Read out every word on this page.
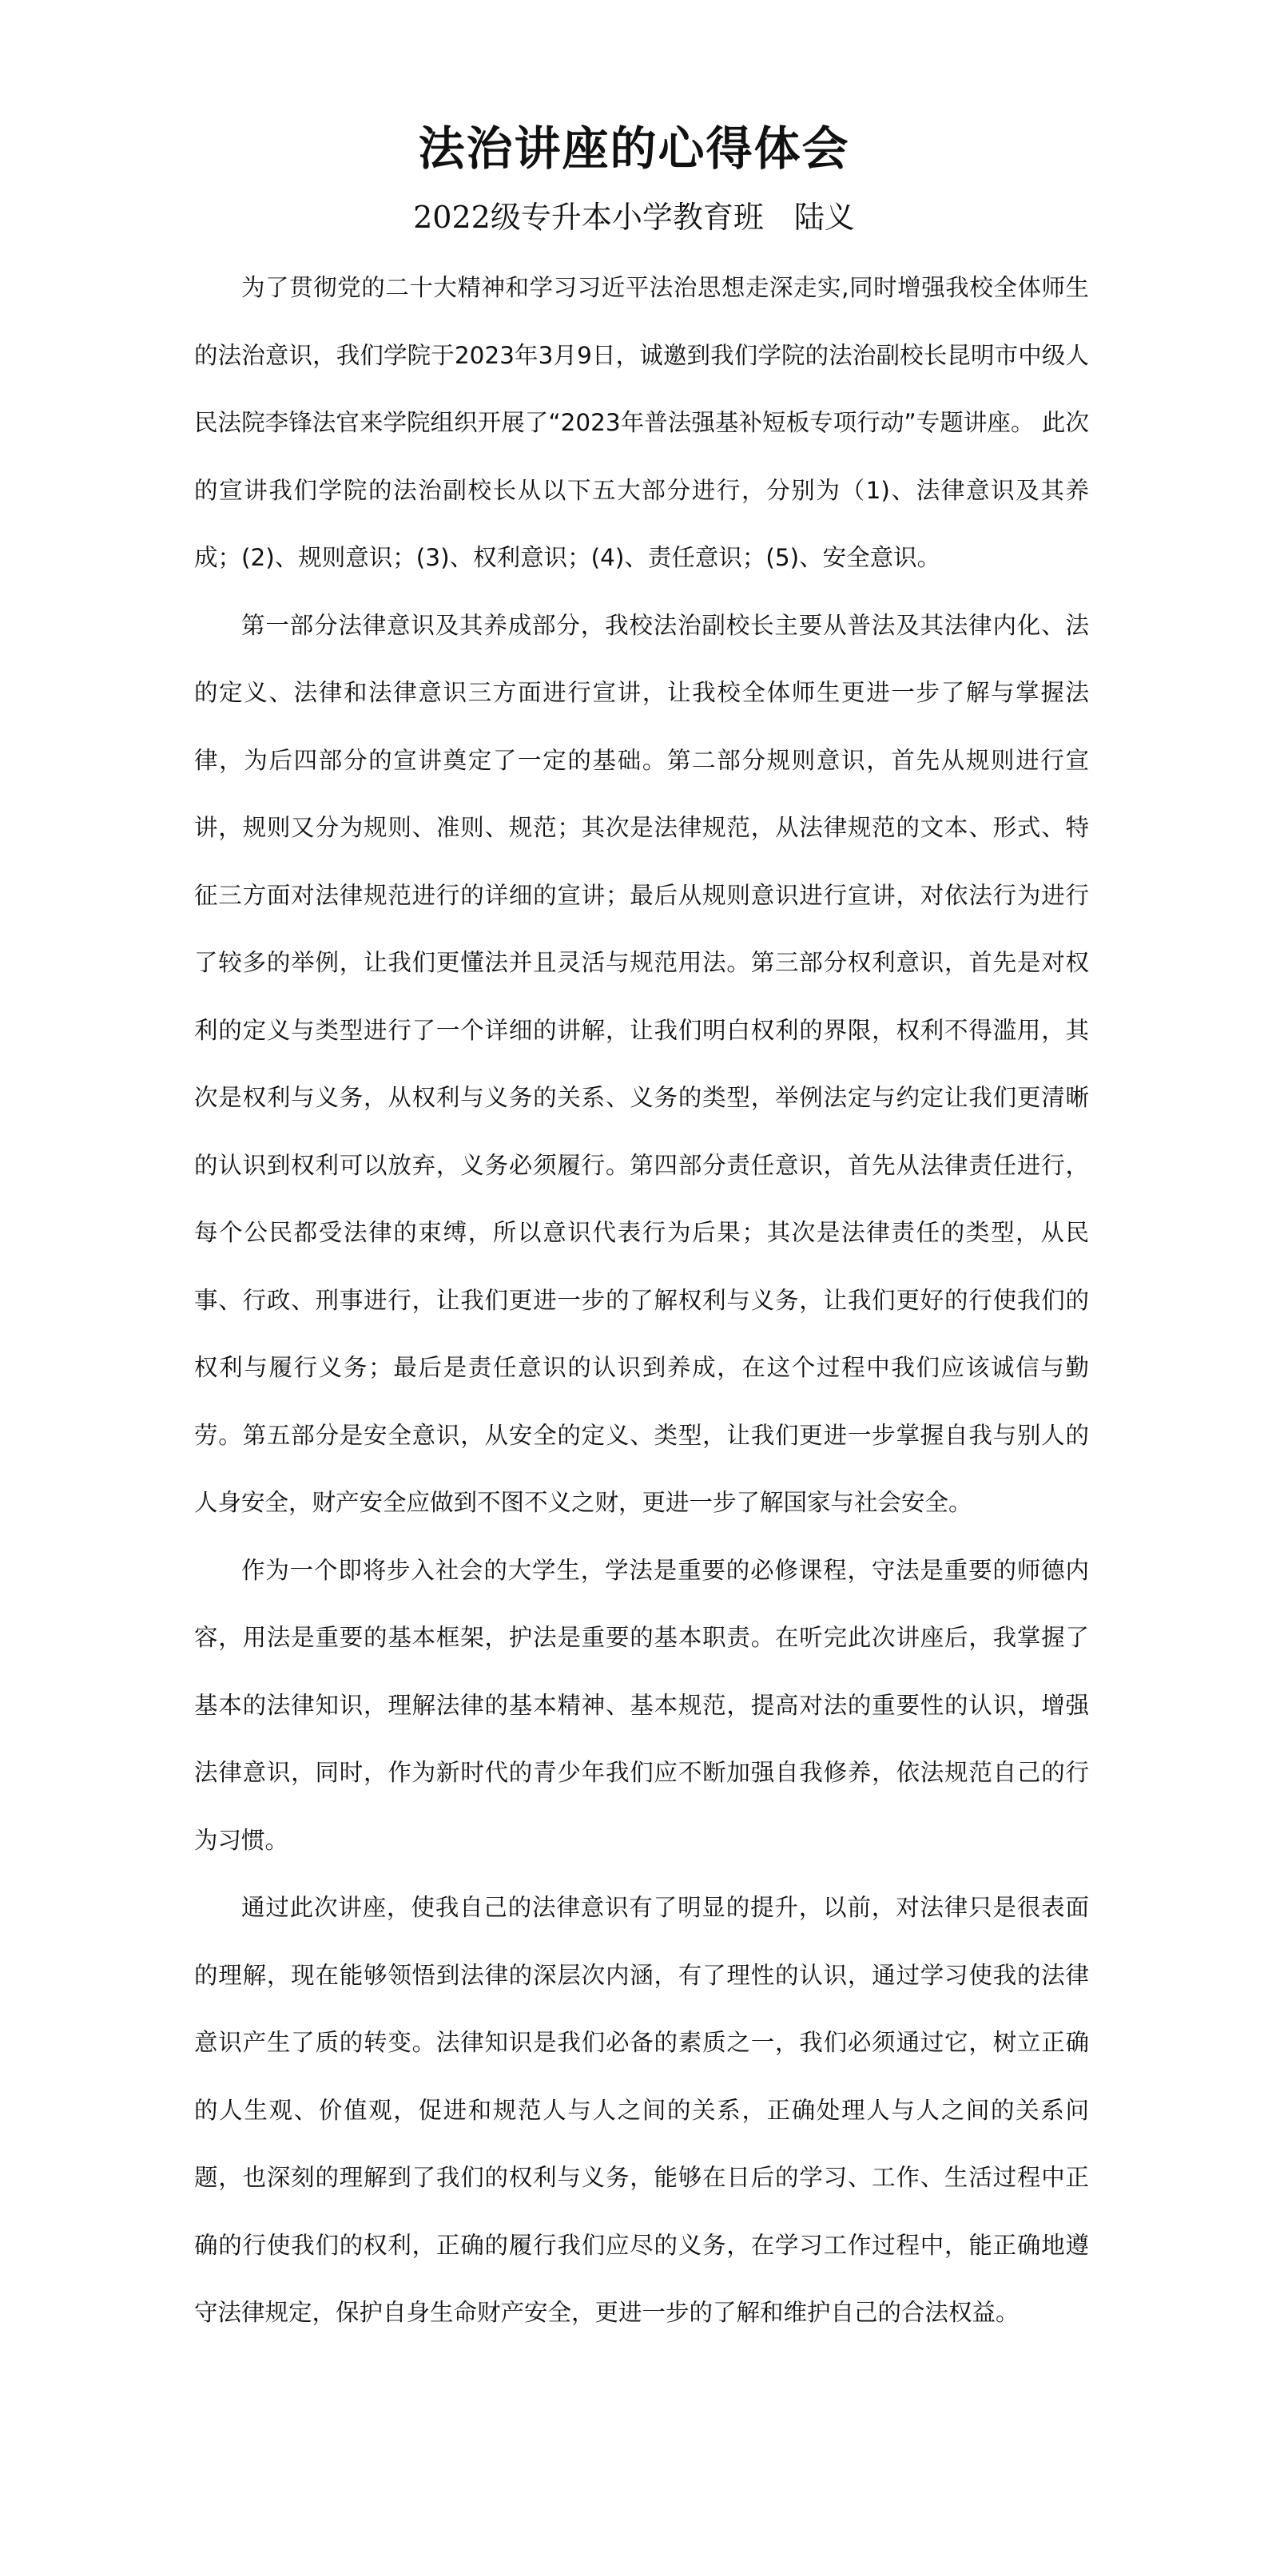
法治讲座的心得体会

2022级专升本小学教育班 陆义

为了贯彻党的二十大精神和学习习近平法治思想走深走实,同时增强我校全体师生的法治意识，我们学院于2023年3月9日，诚邀到我们学院的法治副校长昆明市中级人民法院李锋法官来学院组织开展了“2023年普法强基补短板专项行动”专题讲座。 此次的宣讲我们学院的法治副校长从以下五大部分进行，分别为（1)、法律意识及其养成；(2)、规则意识；(3)、权利意识；(4)、责任意识；(5)、安全意识。

第一部分法律意识及其养成部分，我校法治副校长主要从普法及其法律内化、法的定义、法律和法律意识三方面进行宣讲，让我校全体师生更进一步了解与掌握法律，为后四部分的宣讲奠定了一定的基础。第二部分规则意识，首先从规则进行宣讲，规则又分为规则、准则、规范；其次是法律规范，从法律规范的文本、形式、特征三方面对法律规范进行的详细的宣讲；最后从规则意识进行宣讲，对依法行为进行了较多的举例，让我们更懂法并且灵活与规范用法。第三部分权利意识，首先是对权利的定义与类型进行了一个详细的讲解，让我们明白权利的界限，权利不得滥用，其次是权利与义务，从权利与义务的关系、义务的类型，举例法定与约定让我们更清晰的认识到权利可以放弃，义务必须履行。第四部分责任意识，首先从法律责任进行，每个公民都受法律的束缚，所以意识代表行为后果；其次是法律责任的类型，从民事、行政、刑事进行，让我们更进一步的了解权利与义务，让我们更好的行使我们的权利与履行义务；最后是责任意识的认识到养成，在这个过程中我们应该诚信与勤劳。第五部分是安全意识，从安全的定义、类型，让我们更进一步掌握自我与别人的人身安全，财产安全应做到不图不义之财，更进一步了解国家与社会安全。

作为一个即将步入社会的大学生，学法是重要的必修课程，守法是重要的师德内容，用法是重要的基本框架，护法是重要的基本职责。在听完此次讲座后，我掌握了基本的法律知识，理解法律的基本精神、基本规范，提高对法的重要性的认识，增强法律意识，同时，作为新时代的青少年我们应不断加强自我修养，依法规范自己的行为习惯。

通过此次讲座，使我自己的法律意识有了明显的提升，以前，对法律只是很表面的理解，现在能够领悟到法律的深层次内涵，有了理性的认识，通过学习使我的法律意识产生了质的转变。法律知识是我们必备的素质之一，我们必须通过它，树立正确的人生观、价值观，促进和规范人与人之间的关系，正确处理人与人之间的关系问题，也深刻的理解到了我们的权利与义务，能够在日后的学习、工作、生活过程中正确的行使我们的权利，正确的履行我们应尽的义务，在学习工作过程中，能正确地遵守法律规定，保护自身生命财产安全，更进一步的了解和维护自己的合法权益。
